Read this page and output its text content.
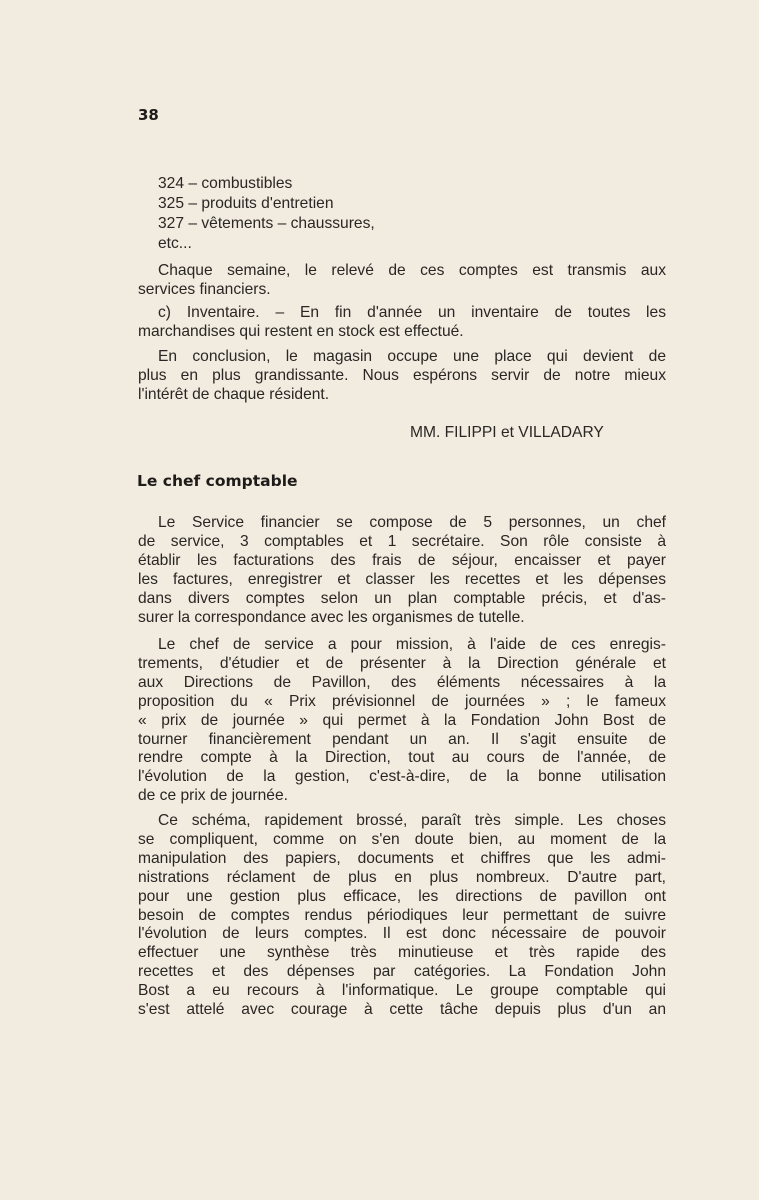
38
324 – combustibles
325 – produits d'entretien
327 – vêtements – chaussures,
etc...
Chaque semaine, le relevé de ces comptes est transmis aux
services financiers.
c) Inventaire. – En fin d'année un inventaire de toutes les
marchandises qui restent en stock est effectué.
En conclusion, le magasin occupe une place qui devient de
plus en plus grandissante. Nous espérons servir de notre mieux
l'intérêt de chaque résident.
MM. FILIPPI et VILLADARY
Le chef comptable
Le Service financier se compose de 5 personnes, un chef
de service, 3 comptables et 1 secrétaire. Son rôle consiste à
établir les facturations des frais de séjour, encaisser et payer
les factures, enregistrer et classer les recettes et les dépenses
dans divers comptes selon un plan comptable précis, et d'as-
surer la correspondance avec les organismes de tutelle.
Le chef de service a pour mission, à l'aide de ces enregis-
trements, d'étudier et de présenter à la Direction générale et
aux Directions de Pavillon, des éléments nécessaires à la
proposition du « Prix prévisionnel de journées » ; le fameux
« prix de journée » qui permet à la Fondation John Bost de
tourner financièrement pendant un an. Il s'agit ensuite de
rendre compte à la Direction, tout au cours de l'année, de
l'évolution de la gestion, c'est-à-dire, de la bonne utilisation
de ce prix de journée.
Ce schéma, rapidement brossé, paraît très simple. Les choses
se compliquent, comme on s'en doute bien, au moment de la
manipulation des papiers, documents et chiffres que les admi-
nistrations réclament de plus en plus nombreux. D'autre part,
pour une gestion plus efficace, les directions de pavillon ont
besoin de comptes rendus périodiques leur permettant de suivre
l'évolution de leurs comptes. Il est donc nécessaire de pouvoir
effectuer une synthèse très minutieuse et très rapide des
recettes et des dépenses par catégories. La Fondation John
Bost a eu recours à l'informatique. Le groupe comptable qui
s'est attelé avec courage à cette tâche depuis plus d'un an
